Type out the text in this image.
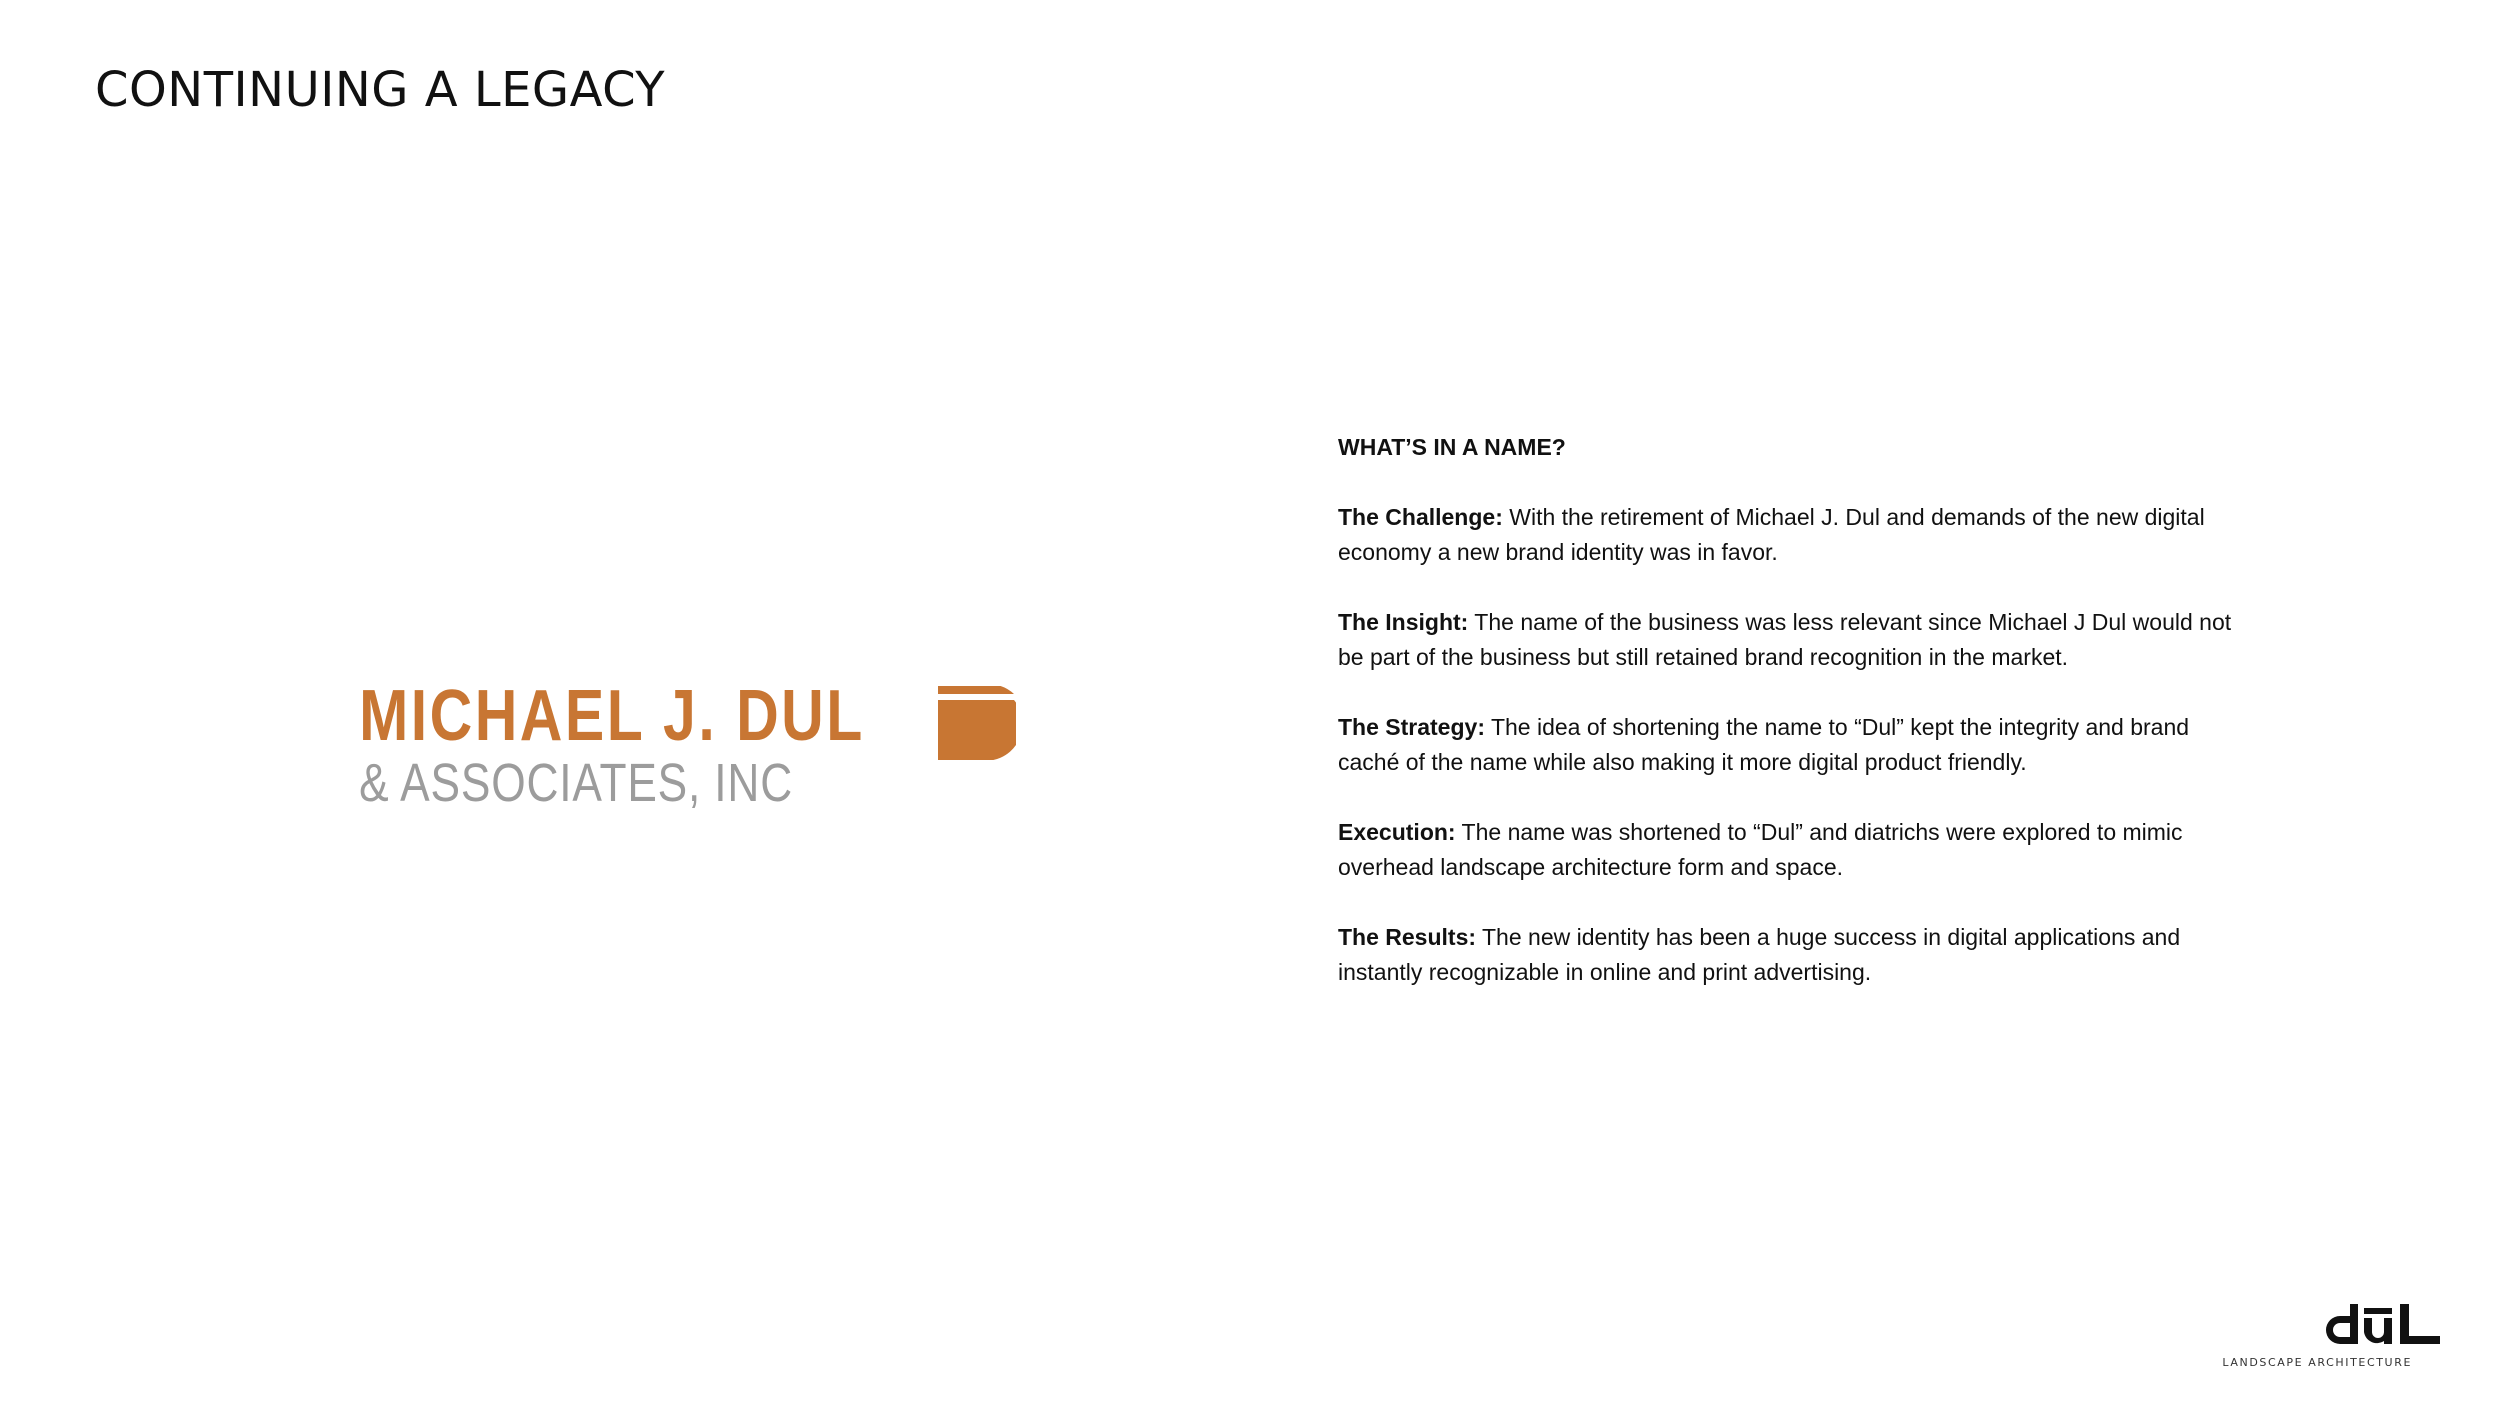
CONTINUING A LEGACY
MICHAEL J. DUL
& ASSOCIATES, INC
WHAT’S IN A NAME?

The Challenge: With the retirement of Michael J. Dul and demands of the new digital economy a new brand identity was in favor.

The Insight: The name of the business was less relevant since Michael J Dul would not be part of the business but still retained brand recognition in the market.

The Strategy: The idea of shortening the name to “Dul” kept the integrity and brand caché of the name while also making it more digital product friendly.

Execution: The name was shortened to “Dul” and diatrichs were explored to mimic overhead landscape architecture form and space.

The Results: The new identity has been a huge success in digital applications and instantly recognizable in online and print advertising.

LANDSCAPE ARCHITECTURE
